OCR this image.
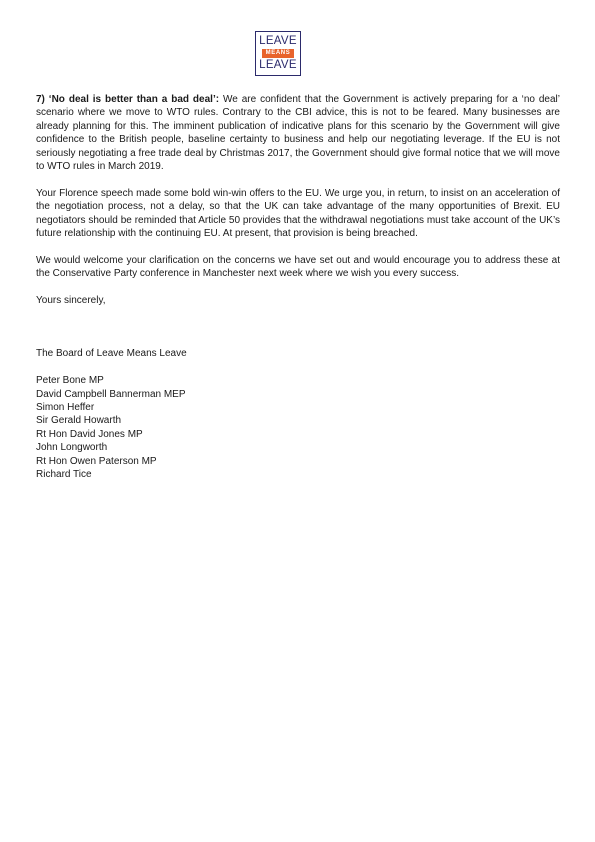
LEAVE
MEANS
LEAVE

7) ‘No deal is better than a bad deal’: We are confident that the Government is actively preparing for a ‘no deal’ scenario where we move to WTO rules. Contrary to the CBI advice, this is not to be feared. Many businesses are already planning for this. The imminent publication of indicative plans for this scenario by the Government will give confidence to the British people, baseline certainty to business and help our negotiating leverage. If the EU is not seriously negotiating a free trade deal by Christmas 2017, the Government should give formal notice that we will move to WTO rules in March 2019.

Your Florence speech made some bold win-win offers to the EU. We urge you, in return, to insist on an acceleration of the negotiation process, not a delay, so that the UK can take advantage of the many opportunities of Brexit. EU negotiators should be reminded that Article 50 provides that the withdrawal negotiations must take account of the UK’s future relationship with the continuing EU. At present, that provision is being breached.

We would welcome your clarification on the concerns we have set out and would encourage you to address these at the Conservative Party conference in Manchester next week where we wish you every success.

Yours sincerely,

The Board of Leave Means Leave

Peter Bone MP
David Campbell Bannerman MEP
Simon Heffer
Sir Gerald Howarth
Rt Hon David Jones MP
John Longworth
Rt Hon Owen Paterson MP
Richard Tice
